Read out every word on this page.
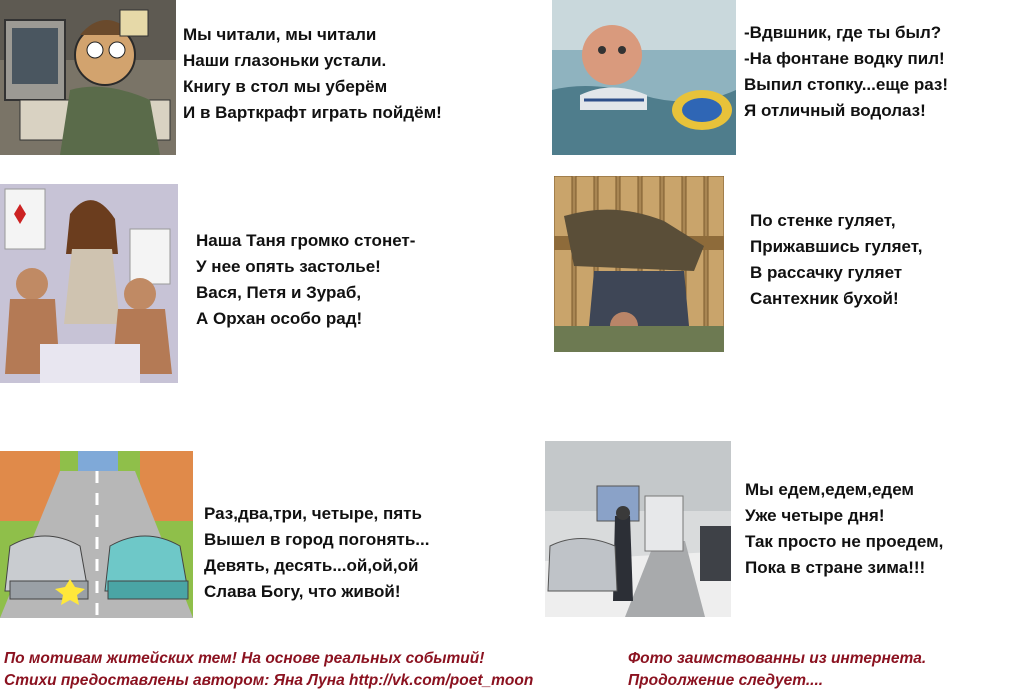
Мы читали, мы читали
Наши глазоньки устали.
Книгу в стол мы уберём
И в Варткрафт играть пойдём!

-Вдвшник, где ты был?
-На фонтане водку пил!
Выпил стопку...еще раз!
Я отличный водолаз!

Наша Таня громко стонет-
У нее опять застолье!
Вася, Петя и Зураб,
А Орхан особо рад!

По стенке гуляет,
Прижавшись гуляет,
В рассачку гуляет
Сантехник бухой!

Раз,два,три, четыре, пять
Вышел в город погонять...
Девять, десять...ой,ой,ой
Слава Богу, что живой!

Мы едем,едем,едем
Уже четыре дня!
Так просто не проедем,
Пока в стране зима!!!

По мотивам житейских тем! На основе реальных событий!
Стихи предоставлены автором: Яна Луна http://vk.com/poet_moon

Фото заимствованны из интернета.
Продолжение следует....
